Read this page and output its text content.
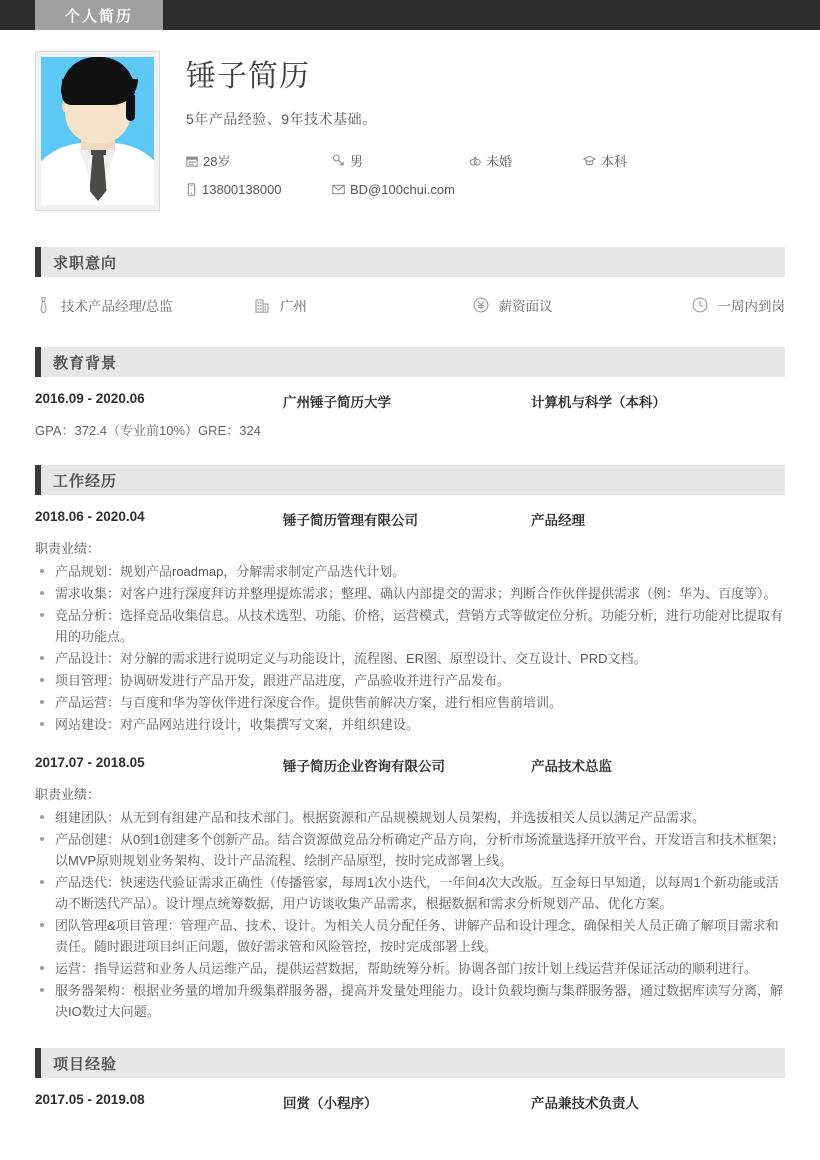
个人简历
锤子简历

5年产品经验、9年技术基础。

28岁	男	未婚	本科
13800138000	BD@100chui.com
求职意向
技术产品经理/总监	广州	薪资面议	一周内到岗
教育背景
2016.09 - 2020.06	广州锤子简历大学	计算机与科学（本科）

GPA：372.4（专业前10%）GRE：324

工作经历
2018.06 - 2020.04	锤子简历管理有限公司	产品经理

职责业绩：

产品规划：规划产品roadmap，分解需求制定产品迭代计划。
需求收集：对客户进行深度拜访并整理提炼需求；整理、确认内部提交的需求；判断合作伙伴提供需求（例：华为、百度等）。
竞品分析：选择竞品收集信息。从技术选型、功能、价格，运营模式，营销方式等做定位分析。功能分析，进行功能对比提取有用的功能点。
产品设计：对分解的需求进行说明定义与功能设计，流程图、ER图、原型设计、交互设计、PRD文档。
项目管理：协调研发进行产品开发，跟进产品进度，产品验收并进行产品发布。
产品运营：与百度和华为等伙伴进行深度合作。提供售前解决方案，进行相应售前培训。
网站建设：对产品网站进行设计，收集撰写文案，并组织建设。
2017.07 - 2018.05	锤子简历企业咨询有限公司	产品技术总监

职责业绩：

组建团队：从无到有组建产品和技术部门。根据资源和产品规模规划人员架构，并选拔相关人员以满足产品需求。
产品创建：从0到1创建多个创新产品。结合资源做竞品分析确定产品方向，分析市场流量选择开放平台、开发语言和技术框架；以MVP原则规划业务架构、设计产品流程、绘制产品原型，按时完成部署上线。
产品迭代：快速迭代验证需求正确性（传播管家，每周1次小迭代，一年间4次大改版。互金每日早知道，以每周1个新功能或活动不断迭代产品）。设计埋点统筹数据，用户访谈收集产品需求，根据数据和需求分析规划产品、优化方案。
团队管理&项目管理：管理产品、技术、设计。为相关人员分配任务、讲解产品和设计理念，确保相关人员正确了解项目需求和责任。随时跟进项目纠正问题，做好需求管和风险管控，按时完成部署上线。
运营：指导运营和业务人员运维产品，提供运营数据，帮助统筹分析。协调各部门按计划上线运营并保证活动的顺利进行。
服务器架构：根据业务量的增加升级集群服务器，提高并发量处理能力。设计负载均衡与集群服务器，通过数据库读写分离，解决IO数过大问题。
项目经验
2017.05 - 2019.08	回赏（小程序）	产品兼技术负责人
